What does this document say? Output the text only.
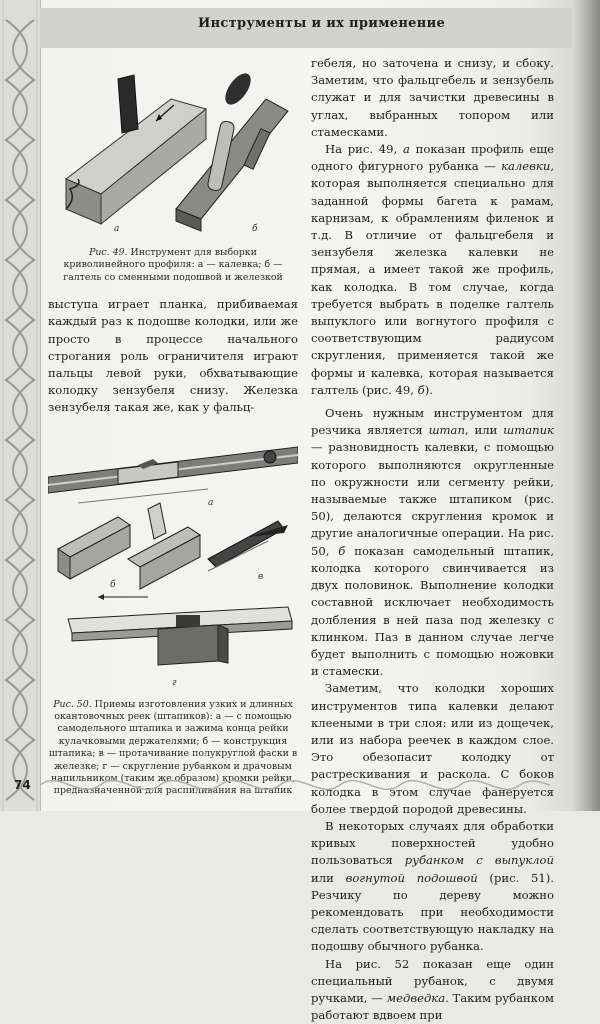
Инструменты и их применение
а	б

Рис. 49. Инструмент для выборки криволинейного профиля: а — калевка; б — галтель со сменными подошвой и железкой

выступа играет планка, прибиваемая каждый раз к подошве колодки, или же просто в процессе начального строгания роль ограничителя играют пальцы левой руки, обхватывающие колодку зензубеля снизу. Железка зензубеля такая же, как у фальц-

а
б
в
г

Рис. 50. Приемы изготовления узких и длинных окантовочных реек (штапиков): а — с помощью самодельного штапика и зажима конца рейки кулачковыми держателями; б — конструкция штапика; в — протачивание полукруглой фаски в железке; г — скругление рубанком и драчовым напильником (таким же образом) кромки рейки, предназначенной для распиливания на штапик

гебеля, но заточена и снизу, и сбоку. Заметим, что фальцгебель и зензубель служат и для зачистки древесины в углах, выбранных топором или стамесками.

На рис. 49, а показан профиль еще одного фигурного рубанка — калевки, которая выполняется специально для заданной формы багета к рамам, карнизам, к обрамлениям филенок и т.д. В отличие от фальцгебеля и зензубеля железка калевки не прямая, а имеет такой же профиль, как колодка. В том случае, когда требуется выбрать в поделке галтель выпуклого или вогнутого профиля с соответствующим радиусом скругления, применяется такой же формы и калевка, которая называется галтель (рис. 49, б).

Очень нужным инструментом для резчика является штап, или штапик — разновидность калевки, с помощью которого выполняются округленные по окружности или сегменту рейки, называемые также штапиком (рис. 50), делаются скругления кромок и другие аналогичные операции. На рис. 50, б показан самодельный штапик, колодка которого свинчивается из двух половинок. Выполнение колодки составной исключает необходимость долбления в ней паза под железку с клинком. Паз в данном случае легче будет выполнить с помощью ножовки и стамески.

Заметим, что колодки хороших инструментов типа калевки делают клееными в три слоя: или из дощечек, или из набора реечек в каждом слое. Это обезопасит колодку от растрескивания и раскола. С боков колодка в этом случае фанеруется более твердой породой древесины.

В некоторых случаях для обработки кривых поверхностей удобно пользоваться рубанком с выпуклой или вогнутой подошвой (рис. 51). Резчику по дереву можно рекомендовать при необходимости сделать соответствующую накладку на подошву обычного рубанка.

На рис. 52 показан еще один специальный рубанок, с двумя ручками, — медведка. Таким рубанком работают вдвоем при

74
